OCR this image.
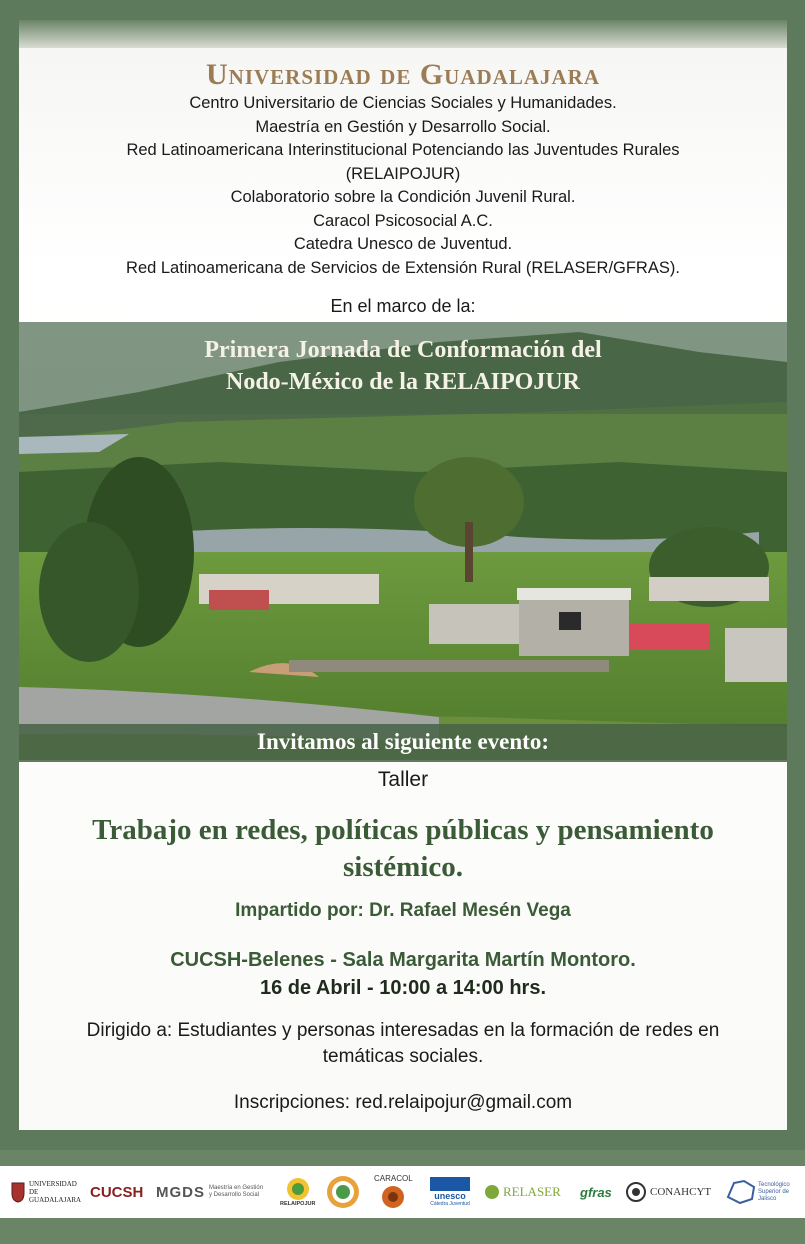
Universidad de Guadalajara
Centro Universitario de Ciencias Sociales y Humanidades.
Maestría en Gestión y Desarrollo Social.
Red Latinoamericana Interinstitucional Potenciando las Juventudes Rurales
(RELAIPOJUR)
Colaboratorio sobre la Condición Juvenil Rural.
Caracol Psicosocial A.C.
Catedra Unesco de Juventud.
Red Latinoamericana de Servicios de Extensión Rural (RELASER/GFRAS).
En el marco de la:
Primera Jornada de Conformación del
Nodo-México de la RELAIPOJUR
Invitamos al siguiente evento:
Taller
Trabajo en redes, políticas públicas y pensamiento
sistémico.
Impartido por: Dr. Rafael Mesén Vega
CUCSH-Belenes - Sala Margarita Martín Montoro.
16 de Abril - 10:00 a 14:00 hrs.
Dirigido a: Estudiantes y personas interesadas en la formación de redes en
temáticas sociales.
Inscripciones: red.relaipojur@gmail.com
UNIVERSIDAD DE GUADALAJARA CUCSH MGDS Maestría en Gestión y Desarrollo Social
RELAIPOJUR
CARACOL
unesco
Cátedra Juventud
RELASER gfras	CONAHCYT
Tecnológico Superior de Jalisco
